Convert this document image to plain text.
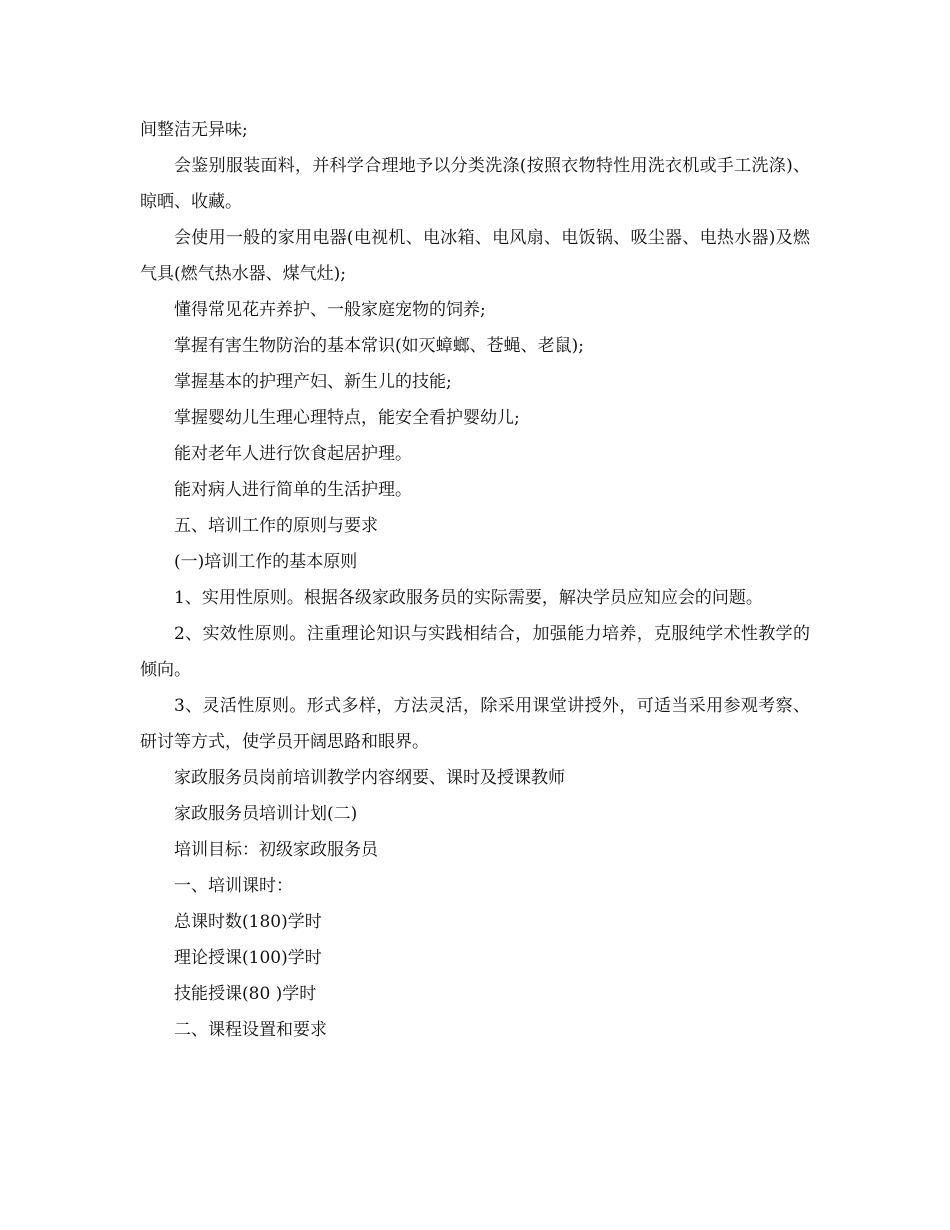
间整洁无异味;

会鉴别服装面料，并科学合理地予以分类洗涤(按照衣物特性用洗衣机或手工洗涤)、晾晒、收藏。

会使用一般的家用电器(电视机、电冰箱、电风扇、电饭锅、吸尘器、电热水器)及燃气具(燃气热水器、煤气灶);

懂得常见花卉养护、一般家庭宠物的饲养;

掌握有害生物防治的基本常识(如灭蟑螂、苍蝇、老鼠);

掌握基本的护理产妇、新生儿的技能;

掌握婴幼儿生理心理特点，能安全看护婴幼儿;

能对老年人进行饮食起居护理。

能对病人进行简单的生活护理。

五、培训工作的原则与要求

(一)培训工作的基本原则

1、实用性原则。根据各级家政服务员的实际需要，解决学员应知应会的问题。

2、实效性原则。注重理论知识与实践相结合，加强能力培养，克服纯学术性教学的倾向。

3、灵活性原则。形式多样，方法灵活，除采用课堂讲授外，可适当采用参观考察、研讨等方式，使学员开阔思路和眼界。

家政服务员岗前培训教学内容纲要、课时及授课教师

家政服务员培训计划(二)

培训目标：初级家政服务员

一、培训课时：

总课时数(180)学时

理论授课(100)学时

技能授课(80 )学时

二、课程设置和要求
